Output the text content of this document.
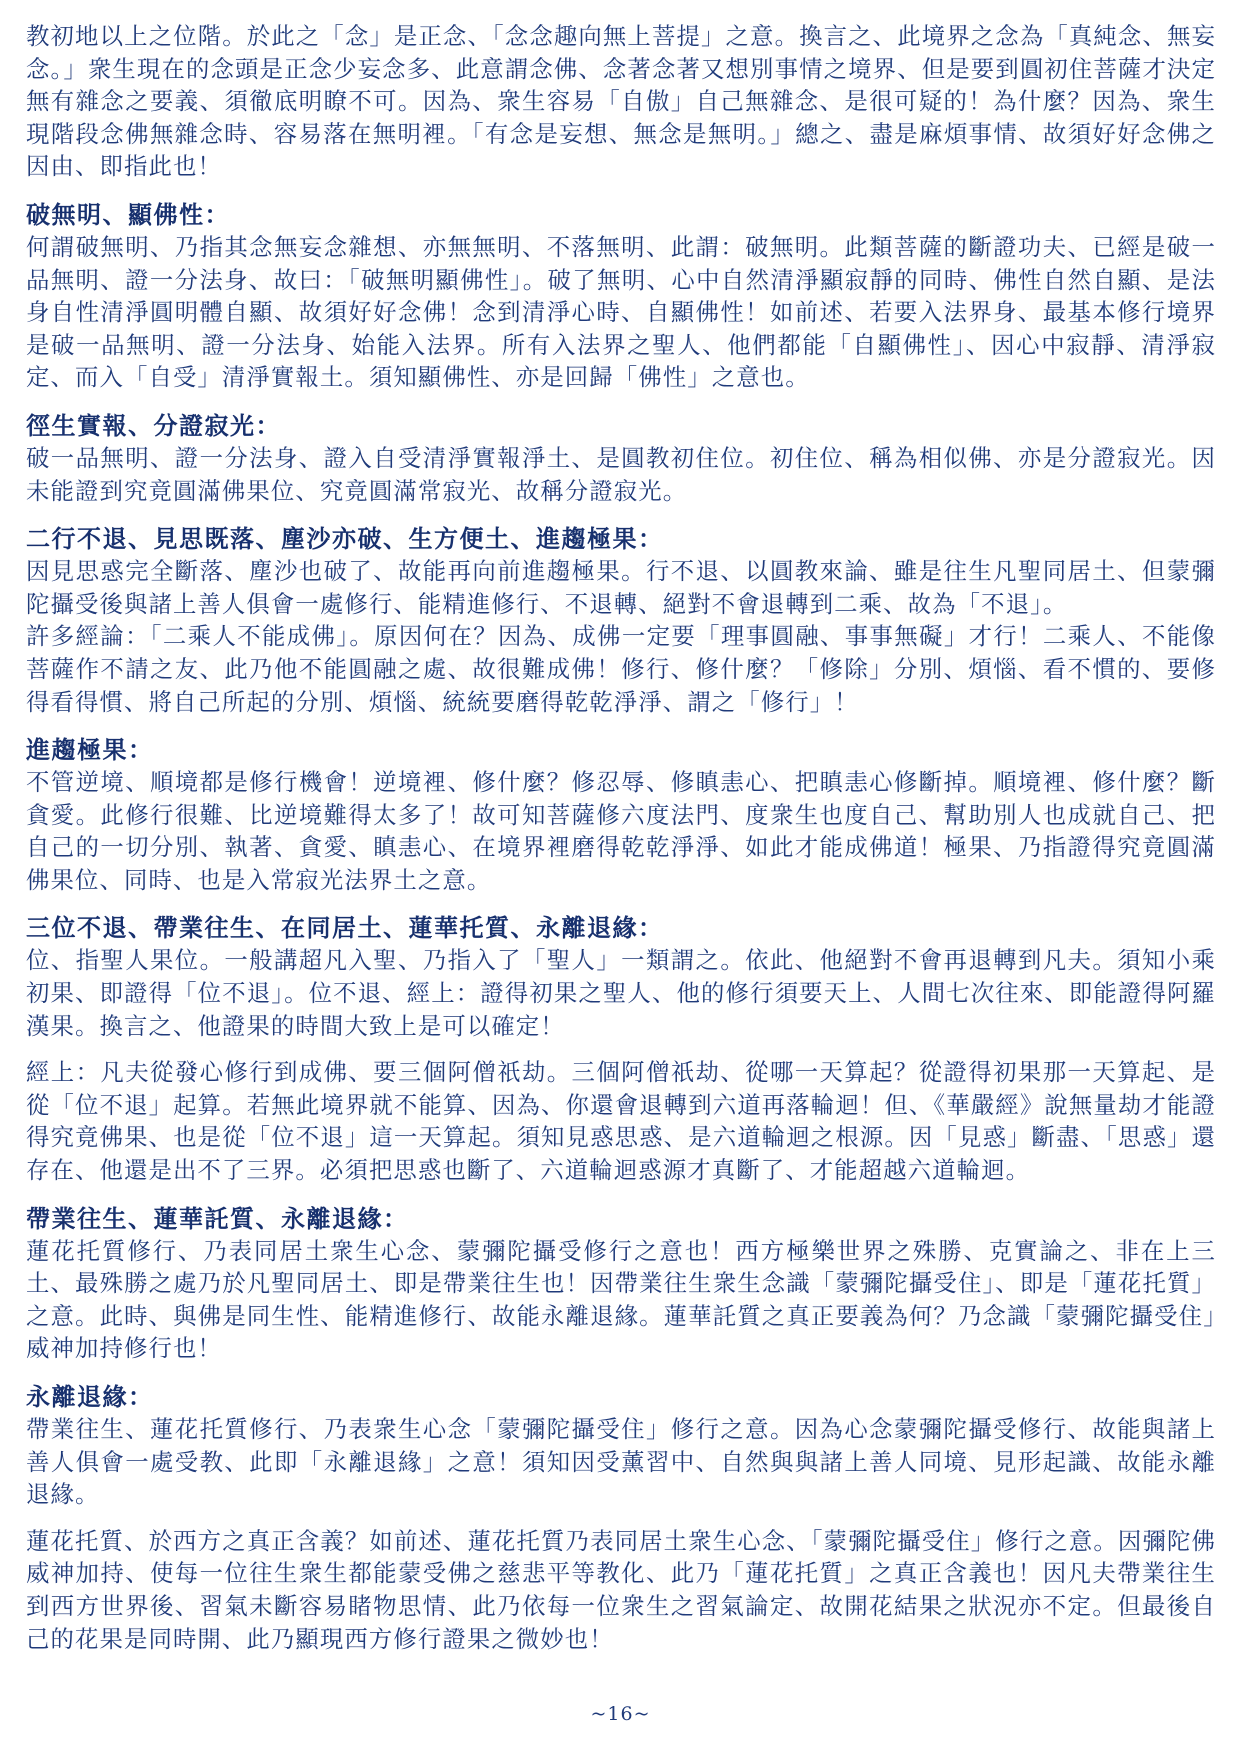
教初地以上之位階。於此之「念」是正念、「念念趣向無上菩提」之意。換言之、此境界之念為「真純念、無妄念。」衆生現在的念頭是正念少妄念多、此意謂念佛、念著念著又想別事情之境界、但是要到圓初住菩薩才決定無有雜念之要義、須徹底明瞭不可。因為、衆生容易「自傲」自己無雜念、是很可疑的！為什麼？因為、衆生現階段念佛無雜念時、容易落在無明裡。「有念是妄想、無念是無明。」總之、盡是麻煩事情、故須好好念佛之因由、即指此也！

破無明、顯佛性：

何謂破無明、乃指其念無妄念雜想、亦無無明、不落無明、此謂：破無明。此類菩薩的斷證功夫、已經是破一品無明、證一分法身、故曰：「破無明顯佛性」。破了無明、心中自然清淨顯寂靜的同時、佛性自然自顯、是法身自性清淨圓明體自顯、故須好好念佛！念到清淨心時、自顯佛性！如前述、若要入法界身、最基本修行境界是破一品無明、證一分法身、始能入法界。所有入法界之聖人、他們都能「自顯佛性」、因心中寂靜、清淨寂定、而入「自受」清淨實報土。須知顯佛性、亦是回歸「佛性」之意也。

徑生實報、分證寂光：

破一品無明、證一分法身、證入自受清淨實報淨土、是圓教初住位。初住位、稱為相似佛、亦是分證寂光。因未能證到究竟圓滿佛果位、究竟圓滿常寂光、故稱分證寂光。

二行不退、見思既落、塵沙亦破、生方便土、進趨極果：

因見思惑完全斷落、塵沙也破了、故能再向前進趨極果。行不退、以圓教來論、雖是往生凡聖同居土、但蒙彌陀攝受後與諸上善人俱會一處修行、能精進修行、不退轉、絕對不會退轉到二乘、故為「不退」。

許多經論：「二乘人不能成佛」。原因何在？因為、成佛一定要「理事圓融、事事無礙」才行！二乘人、不能像菩薩作不請之友、此乃他不能圓融之處、故很難成佛！修行、修什麼？「修除」分別、煩惱、看不慣的、要修得看得慣、將自己所起的分別、煩惱、統統要磨得乾乾淨淨、謂之「修行」！

進趨極果：

不管逆境、順境都是修行機會！逆境裡、修什麼？修忍辱、修瞋恚心、把瞋恚心修斷掉。順境裡、修什麼？斷貪愛。此修行很難、比逆境難得太多了！故可知菩薩修六度法門、度衆生也度自己、幫助別人也成就自己、把自己的一切分別、執著、貪愛、瞋恚心、在境界裡磨得乾乾淨淨、如此才能成佛道！極果、乃指證得究竟圓滿佛果位、同時、也是入常寂光法界土之意。

三位不退、帶業往生、在同居土、蓮華托質、永離退緣：

位、指聖人果位。一般講超凡入聖、乃指入了「聖人」一類謂之。依此、他絕對不會再退轉到凡夫。須知小乘初果、即證得「位不退」。位不退、經上：證得初果之聖人、他的修行須要天上、人間七次往來、即能證得阿羅漢果。換言之、他證果的時間大致上是可以確定！

經上：凡夫從發心修行到成佛、要三個阿僧祇劫。三個阿僧祇劫、從哪一天算起？從證得初果那一天算起、是從「位不退」起算。若無此境界就不能算、因為、你還會退轉到六道再落輪迴！但、《華嚴經》說無量劫才能證得究竟佛果、也是從「位不退」這一天算起。須知見惑思惑、是六道輪迴之根源。因「見惑」斷盡、「思惑」還存在、他還是出不了三界。必須把思惑也斷了、六道輪迴惑源才真斷了、才能超越六道輪迴。

帶業往生、蓮華託質、永離退緣：

蓮花托質修行、乃表同居土衆生心念、蒙彌陀攝受修行之意也！西方極樂世界之殊勝、克實論之、非在上三土、最殊勝之處乃於凡聖同居土、即是帶業往生也！因帶業往生衆生念識「蒙彌陀攝受住」、即是「蓮花托質」之意。此時、與佛是同生性、能精進修行、故能永離退緣。蓮華託質之真正要義為何？乃念識「蒙彌陀攝受住」威神加持修行也！

永離退緣：

帶業往生、蓮花托質修行、乃表衆生心念「蒙彌陀攝受住」修行之意。因為心念蒙彌陀攝受修行、故能與諸上善人俱會一處受教、此即「永離退緣」之意！須知因受薰習中、自然與與諸上善人同境、見形起識、故能永離退緣。

蓮花托質、於西方之真正含義？如前述、蓮花托質乃表同居土衆生心念、「蒙彌陀攝受住」修行之意。因彌陀佛威神加持、使每一位往生衆生都能蒙受佛之慈悲平等教化、此乃「蓮花托質」之真正含義也！因凡夫帶業往生到西方世界後、習氣未斷容易睹物思情、此乃依每一位衆生之習氣論定、故開花結果之狀況亦不定。但最後自己的花果是同時開、此乃顯現西方修行證果之微妙也！

~16~
